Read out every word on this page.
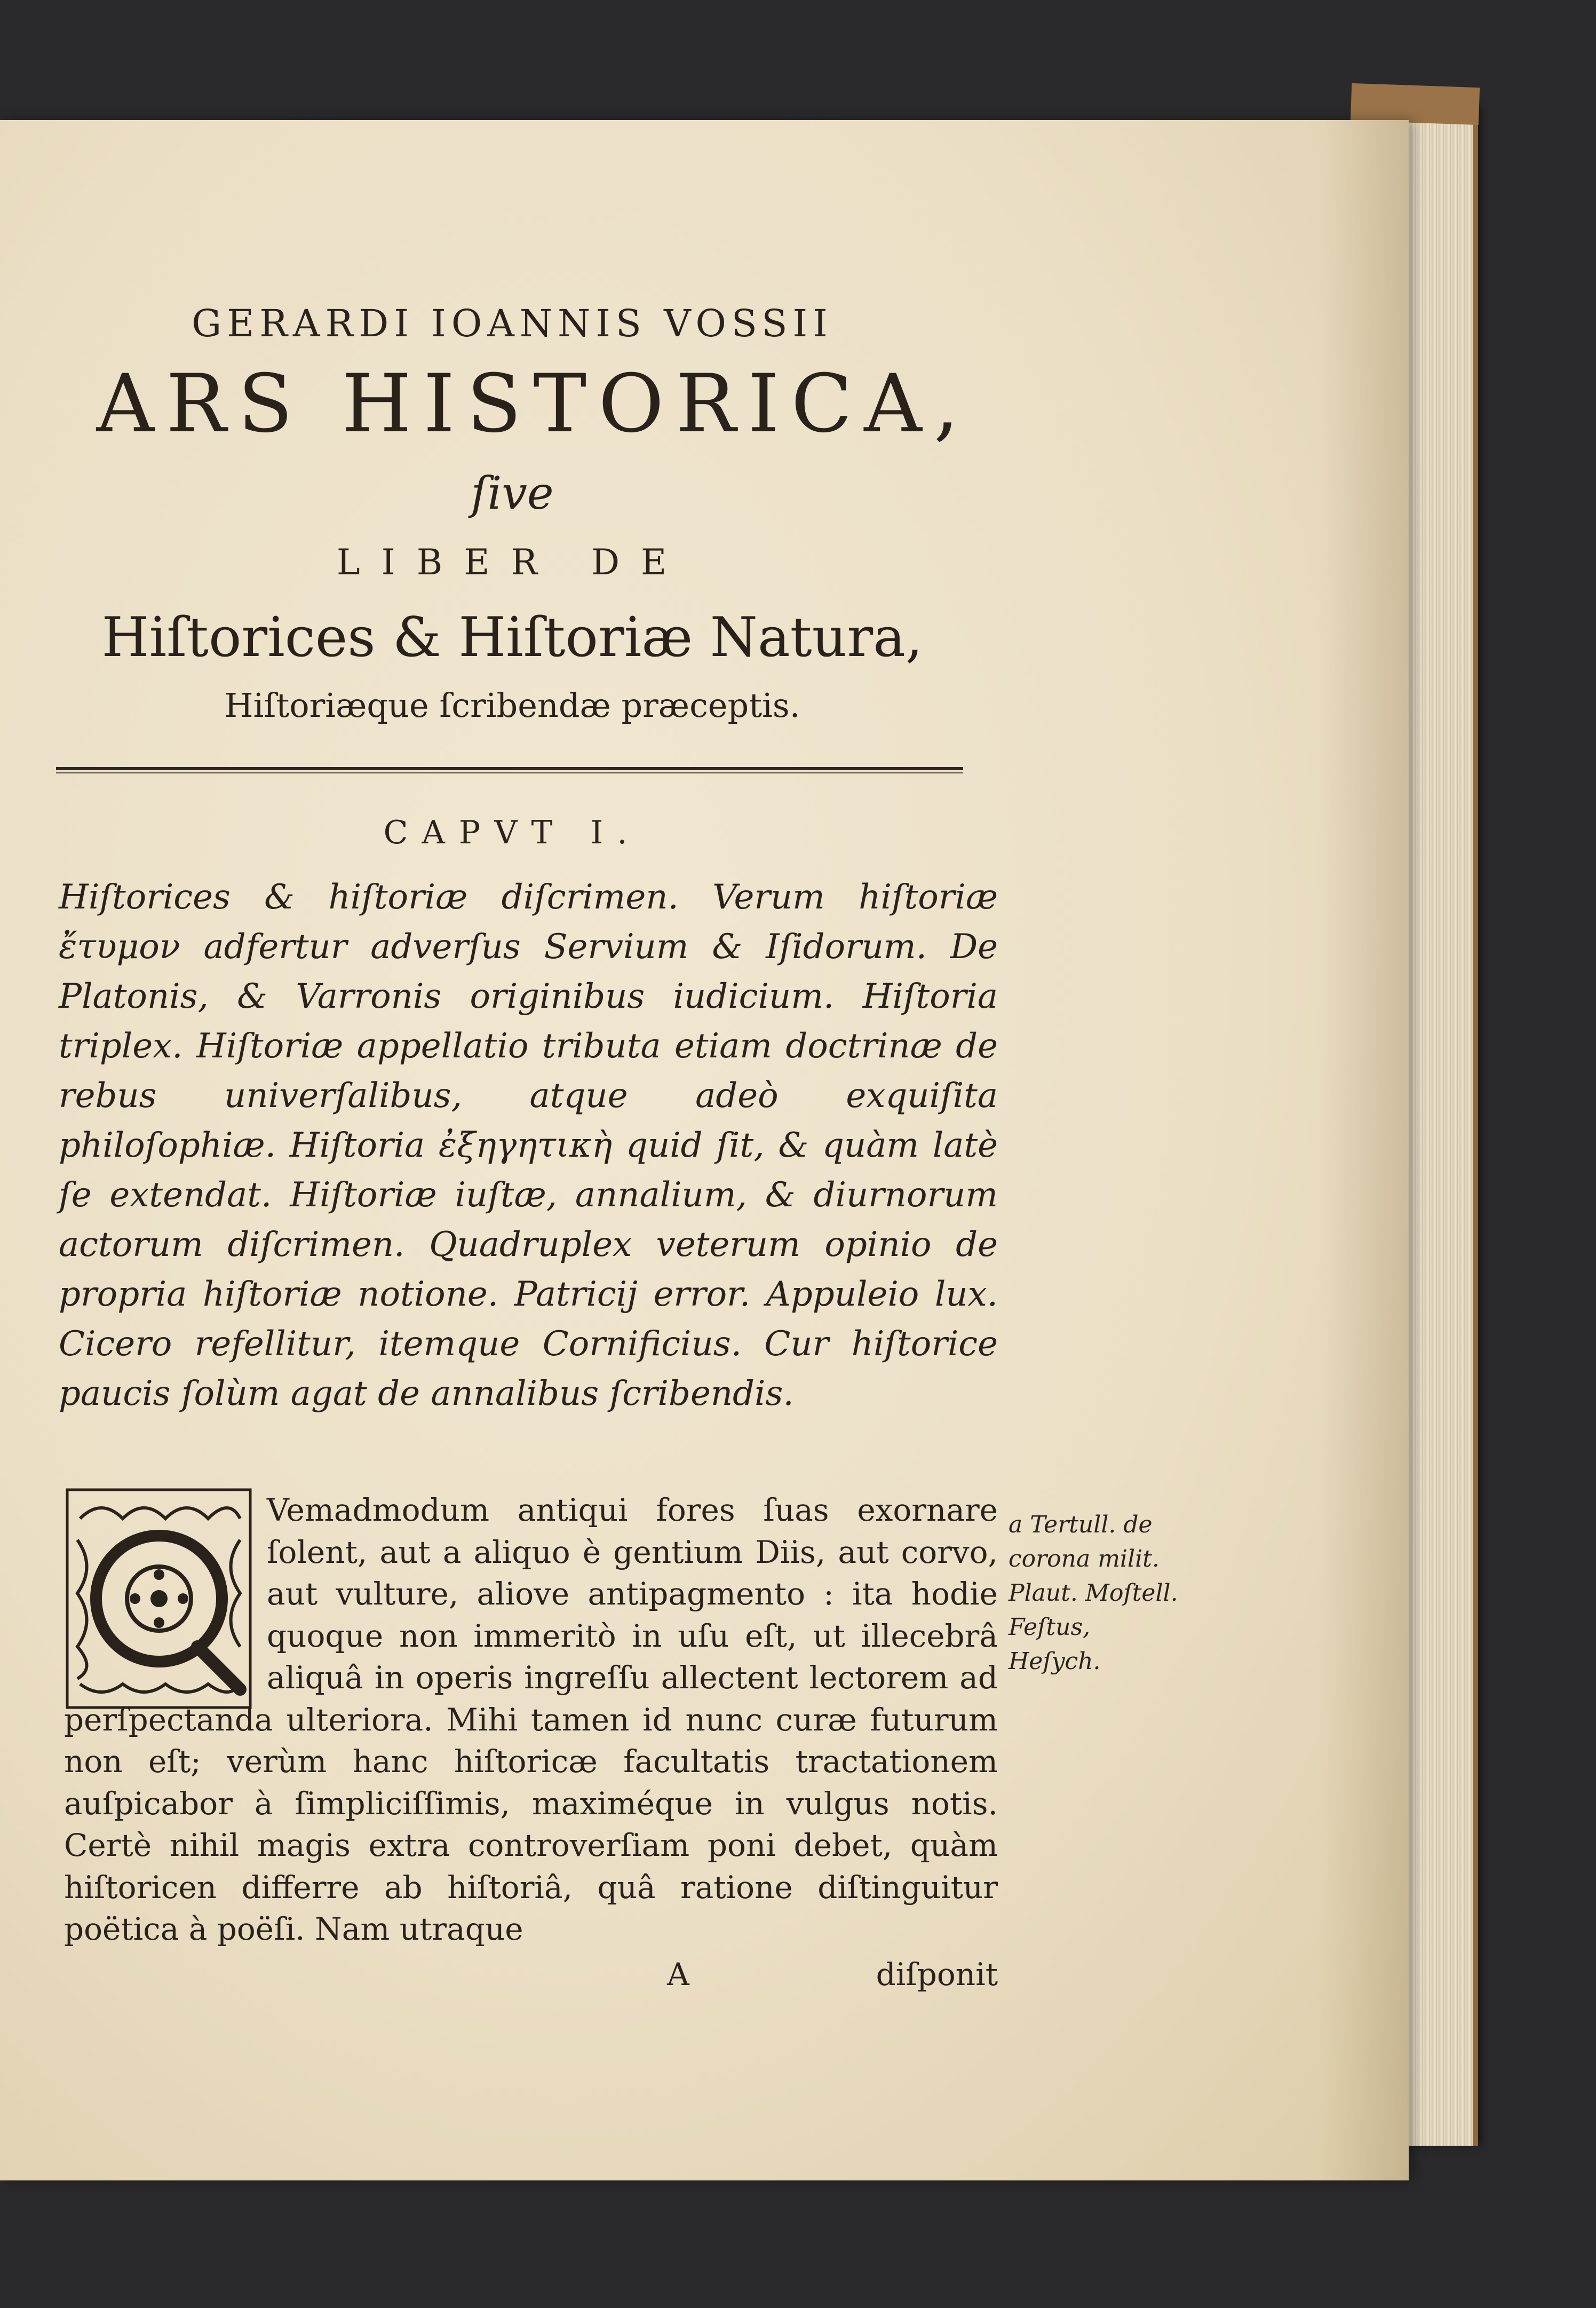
GERARDI IOANNIS VOSSII
ARS HISTORICA,
ſive
LIBER DE
Hiſtorices & Hiſtoriæ Natura,
Hiſtoriæque ſcribendæ præceptis.
CAPVT I.
Hiſtorices & hiſtoriæ diſcrimen. Verum hiſtoriæ ἔτυμον adfertur adverſus Servium & Iſidorum. De Platonis, & Varronis originibus iudicium. Hiſtoria triplex. Hiſtoriæ appellatio tributa etiam doctrinæ de rebus univerſalibus, atque adeò exquiſita philoſophiæ. Hiſtoria ἐξηγητικὴ quid ſit, & quàm latè ſe extendat. Hiſtoriæ iuſtæ, annalium, & diurnorum actorum diſcrimen. Quadruplex veterum opinio de propria hiſtoriæ notione. Patricij error. Appuleio lux. Cicero refellitur, itemque Cornificius. Cur hiſtorice paucis ſolùm agat de annalibus ſcribendis.
Vemadmodum antiqui fores ſuas exornare ſolent, aut a aliquo è gentium Diis, aut corvo, aut vulture, aliove antipagmento : ita hodie quoque non immeritò in uſu eſt, ut illecebrâ aliquâ in operis ingreſſu allectent lectorem ad perſpectanda ulteriora. Mihi tamen id nunc curæ futurum non eſt; verùm hanc hiſtoricæ facultatis tractationem auſpicabor à ſimpliciſſimis, maximéque in vulgus notis. Certè nihil magis extra controverſiam poni debet, quàm hiſtoricen differre ab hiſtoriâ, quâ ratione diſtinguitur poëtica à poëſi. Nam utraque
a Tertull. de corona milit. Plaut. Moſtell. Feſtus, Heſych.
A	diſponit
